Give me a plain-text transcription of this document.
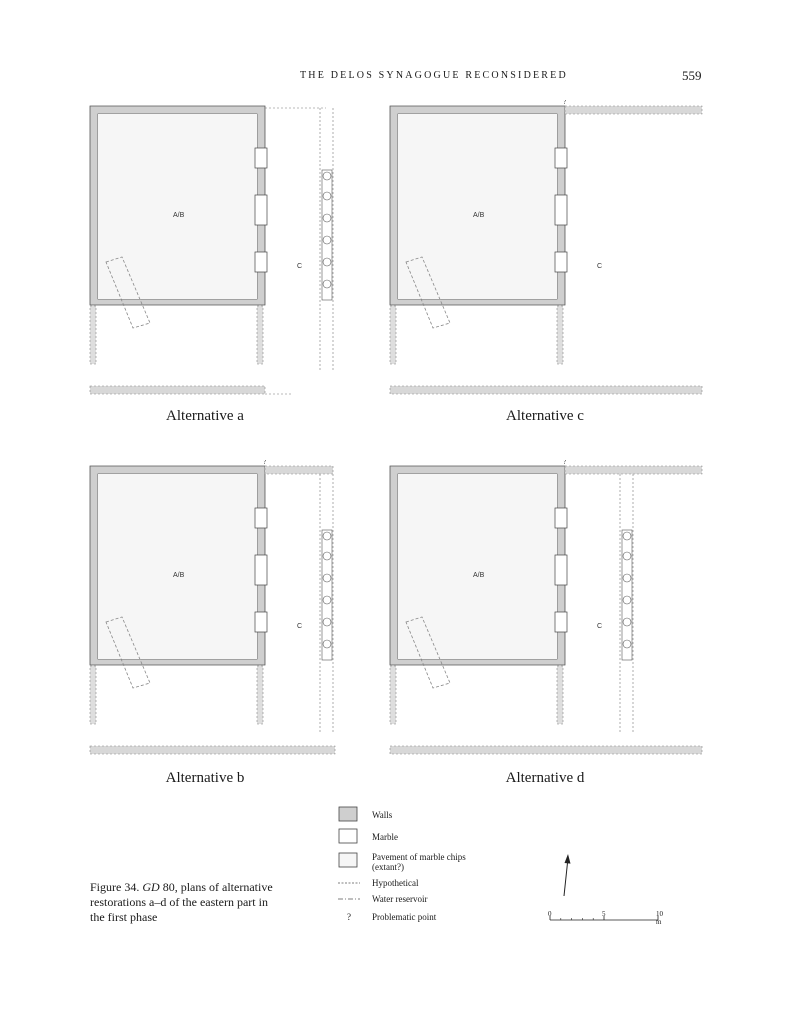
THE DELOS SYNAGOGUE RECONSIDERED	559
A/B
C
Alternative a
?
A/B
C
Alternative c
?
A/B
C
Alternative b
?
A/B
C
Alternative d
Walls
Marble
Pavement of marble chips
(extant?)
Hypothetical
Water reservoir
?	Problematic point
Figure 34. GD 80, plans of alternative restorations a–d of the eastern part in the first phase	0	5	10 m
